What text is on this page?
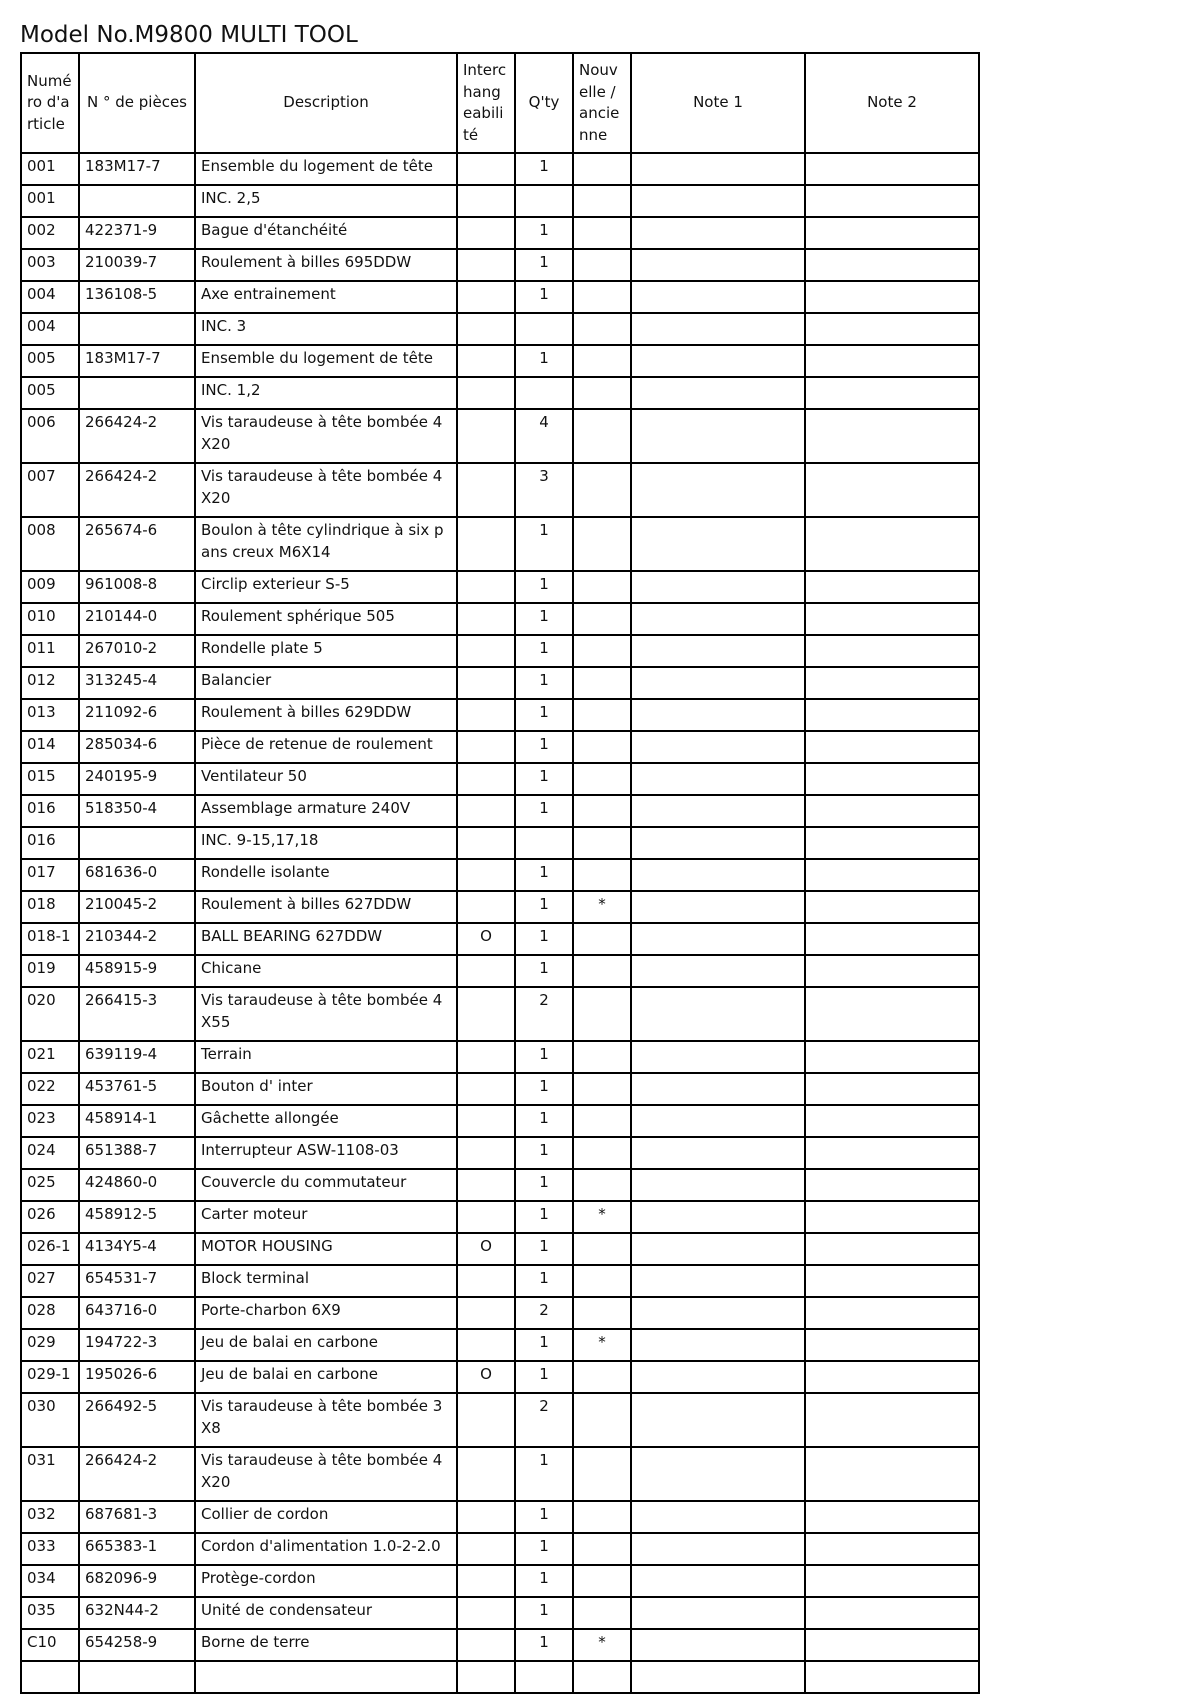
Model No.M9800 MULTI TOOL
Numéro d'article	N ° de pièces	Description	Interchangeabilité	Q'ty	Nouvelle / ancienne	Note 1	Note 2
001	183M17-7	Ensemble du logement de tête		1			
001		INC. 2,5					
002	422371-9	Bague d'étanchéité		1			
003	210039-7	Roulement à billes 695DDW		1			
004	136108-5	Axe entrainement		1			
004		INC. 3					
005	183M17-7	Ensemble du logement de tête		1			
005		INC. 1,2					
006	266424-2	Vis taraudeuse à tête bombée 4X20		4			
007	266424-2	Vis taraudeuse à tête bombée 4X20		3			
008	265674-6	Boulon à tête cylindrique à six pans creux M6X14		1			
009	961008-8	Circlip exterieur S-5		1			
010	210144-0	Roulement sphérique 505		1			
011	267010-2	Rondelle plate 5		1			
012	313245-4	Balancier		1			
013	211092-6	Roulement à billes 629DDW		1			
014	285034-6	Pièce de retenue de roulement		1			
015	240195-9	Ventilateur 50		1			
016	518350-4	Assemblage armature 240V		1			
016		INC. 9-15,17,18					
017	681636-0	Rondelle isolante		1			
018	210045-2	Roulement à billes 627DDW		1	*		
018-1	210344-2	BALL BEARING 627DDW	O	1			
019	458915-9	Chicane		1			
020	266415-3	Vis taraudeuse à tête bombée 4X55		2			
021	639119-4	Terrain		1			
022	453761-5	Bouton d' inter		1			
023	458914-1	Gâchette allongée		1			
024	651388-7	Interrupteur ASW-1108-03		1			
025	424860-0	Couvercle du commutateur		1			
026	458912-5	Carter moteur		1	*		
026-1	4134Y5-4	MOTOR HOUSING	O	1			
027	654531-7	Block terminal		1			
028	643716-0	Porte-charbon 6X9		2			
029	194722-3	Jeu de balai en carbone		1	*		
029-1	195026-6	Jeu de balai en carbone	O	1			
030	266492-5	Vis taraudeuse à tête bombée 3X8		2			
031	266424-2	Vis taraudeuse à tête bombée 4X20		1			
032	687681-3	Collier de cordon		1			
033	665383-1	Cordon d'alimentation 1.0-2-2.0		1			
034	682096-9	Protège-cordon		1			
035	632N44-2	Unité de condensateur		1			
C10	654258-9	Borne de terre		1	*		
